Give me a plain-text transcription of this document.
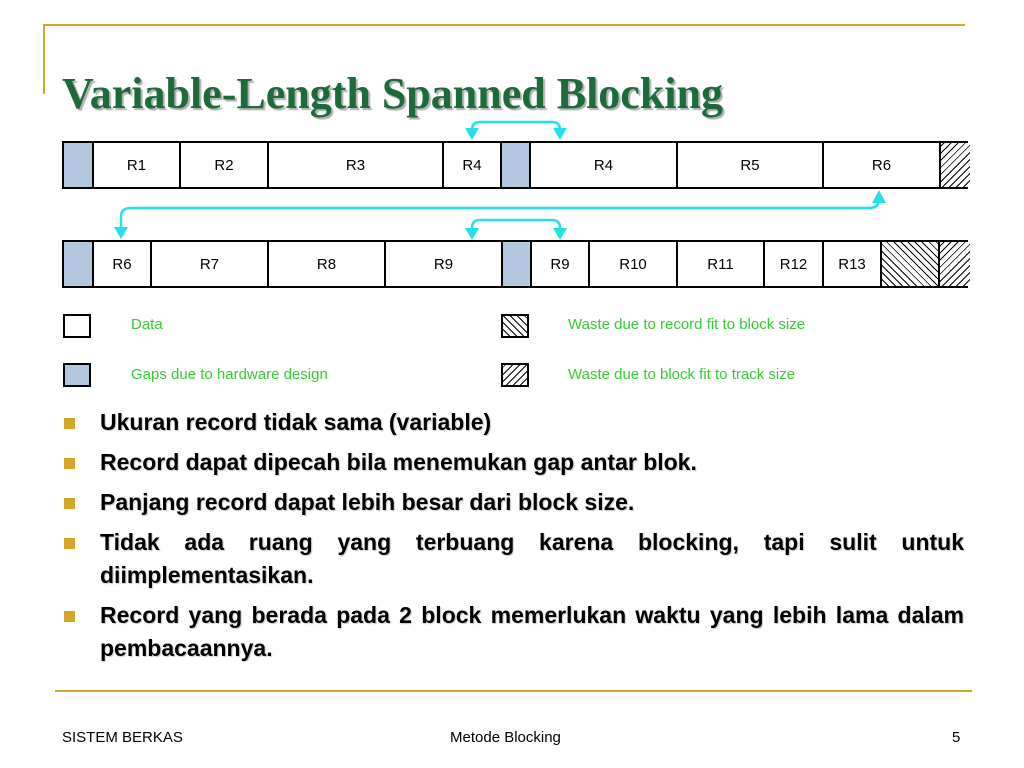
Variable-Length Spanned Blocking
R1	R2	R3	R4	R4	R5	R6
R6	R7	R8	R9	R9	R10	R11	R12	R13
Data
Gaps due to hardware design
Waste due to record fit to block size
Waste due to block fit to track size
Ukuran record tidak sama (variable)
Record dapat dipecah bila menemukan gap antar blok.
Panjang record dapat lebih besar dari block size.
Tidak ada ruang yang terbuang karena blocking, tapi sulit untuk diimplementasikan.
Record yang berada pada 2 block memerlukan waktu yang lebih lama dalam pembacaannya.
SISTEM BERKAS	Metode Blocking	5
